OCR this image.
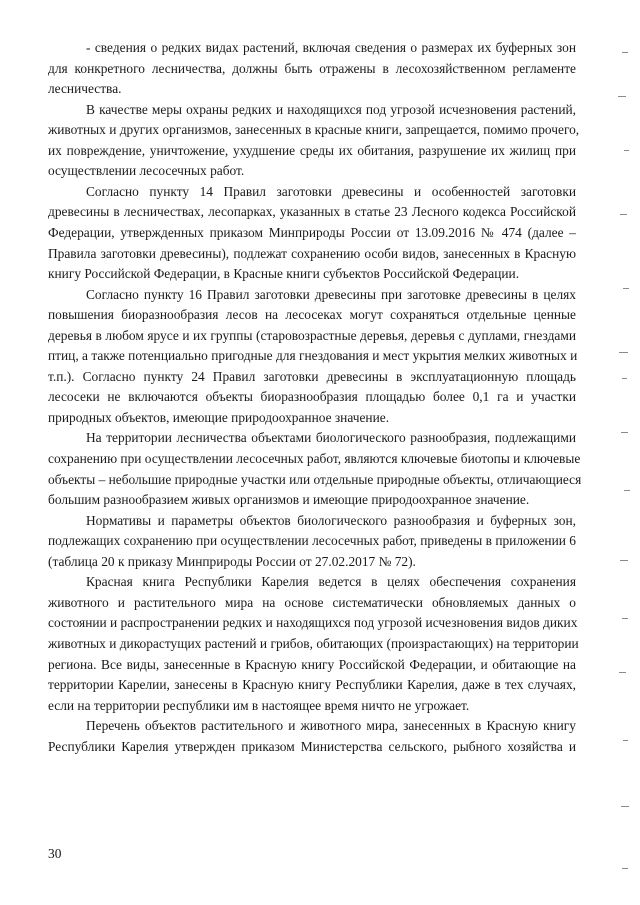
- сведения о редких видах растений, включая сведения о размерах их буферных зон
для конкретного лесничества, должны быть отражены в лесохозяйственном регламенте
лесничества.
В качестве меры охраны редких и находящихся под угрозой исчезновения растений,
животных и других организмов, занесенных в красные книги, запрещается, помимо прочего,
их повреждение, уничтожение, ухудшение среды их обитания, разрушение их жилищ при
осуществлении лесосечных работ.
Согласно пункту 14 Правил заготовки древесины и особенностей заготовки
древесины в лесничествах, лесопарках, указанных в статье 23 Лесного кодекса Российской
Федерации, утвержденных приказом Минприроды России от 13.09.2016 № 474 (далее –
Правила заготовки древесины), подлежат сохранению особи видов, занесенных в Красную
книгу Российской Федерации, в Красные книги субъектов Российской Федерации.
Согласно пункту 16 Правил заготовки древесины при заготовке древесины в целях
повышения биоразнообразия лесов на лесосеках могут сохраняться отдельные ценные
деревья в любом ярусе и их группы (старовозрастные деревья, деревья с дуплами, гнездами
птиц, а также потенциально пригодные для гнездования и мест укрытия мелких животных и
т.п.). Согласно пункту 24 Правил заготовки древесины в эксплуатационную площадь
лесосеки не включаются объекты биоразнообразия площадью более 0,1 га и участки
природных объектов, имеющие природоохранное значение.
На территории лесничества объектами биологического разнообразия, подлежащими
сохранению при осуществлении лесосечных работ, являются ключевые биотопы и ключевые
объекты – небольшие природные участки или отдельные природные объекты, отличающиеся
большим разнообразием живых организмов и имеющие природоохранное значение.
Нормативы и параметры объектов биологического разнообразия и буферных зон,
подлежащих сохранению при осуществлении лесосечных работ, приведены в приложении 6
(таблица 20 к приказу Минприроды России от 27.02.2017 № 72).
Красная книга Республики Карелия ведется в целях обеспечения сохранения
животного и растительного мира на основе систематически обновляемых данных о
состоянии и распространении редких и находящихся под угрозой исчезновения видов диких
животных и дикорастущих растений и грибов, обитающих (произрастающих) на территории
региона. Все виды, занесенные в Красную книгу Российской Федерации, и обитающие на
территории Карелии, занесены в Красную книгу Республики Карелия, даже в тех случаях,
если на территории республики им в настоящее время ничто не угрожает.
Перечень объектов растительного и животного мира, занесенных в Красную книгу
Республики Карелия утвержден приказом Министерства сельского, рыбного хозяйства и
30
